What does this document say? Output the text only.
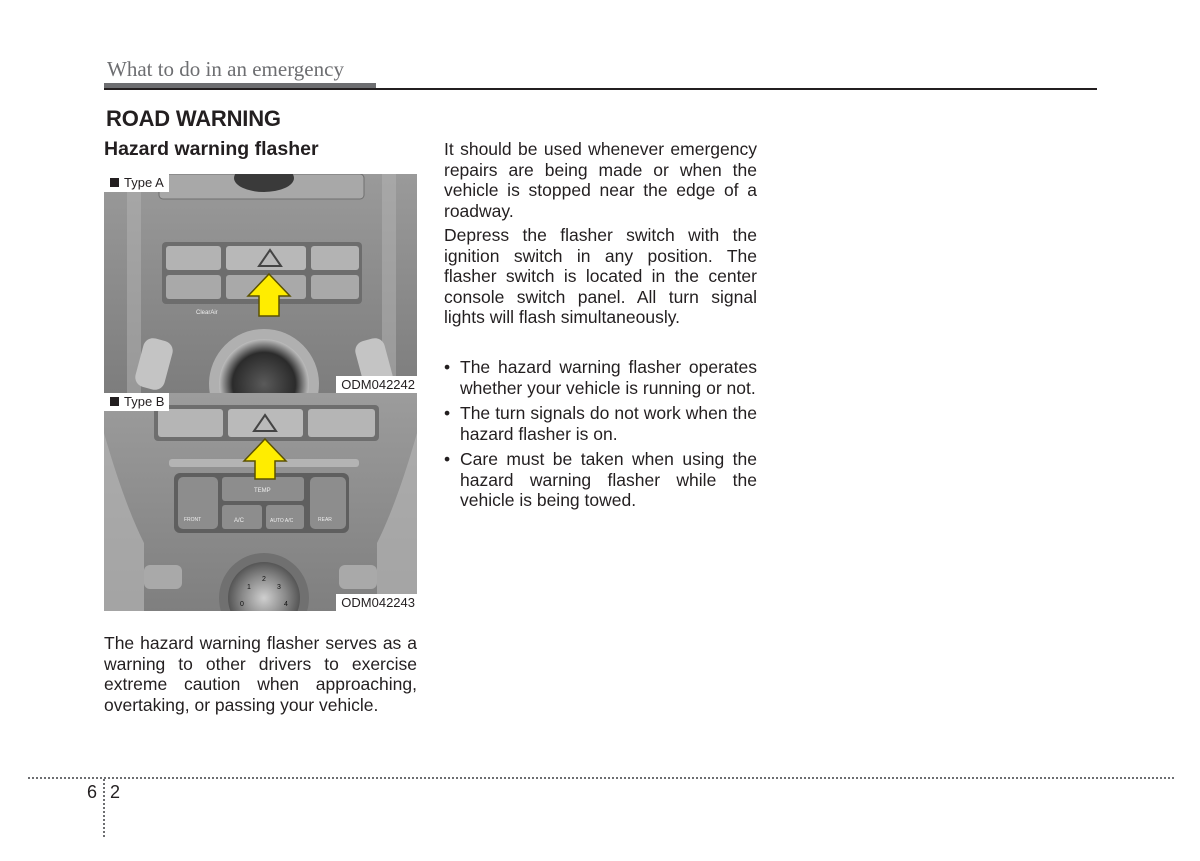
What to do in an emergency
ROAD WARNING
Hazard warning flasher
ClearAir
Type A
ODM042242
TEMP
A/C	AUTO A/C
FRONT	REAR
0
1
2
3
4
Type B
ODM042243
The hazard warning flasher serves as a warning to other drivers to exercise extreme caution when approaching, overtaking, or passing your vehicle.
It should be used whenever emergency repairs are being made or when the vehicle is stopped near the edge of a roadway.
Depress the flasher switch with the ignition switch in any position. The flasher switch is located in the center console switch panel. All turn signal lights will flash simultaneously.
• The hazard warning flasher operates whether your vehicle is running or not.
• The turn signals do not work when the hazard flasher is on.
• Care must be taken when using the hazard warning flasher while the vehicle is being towed.
6 2
